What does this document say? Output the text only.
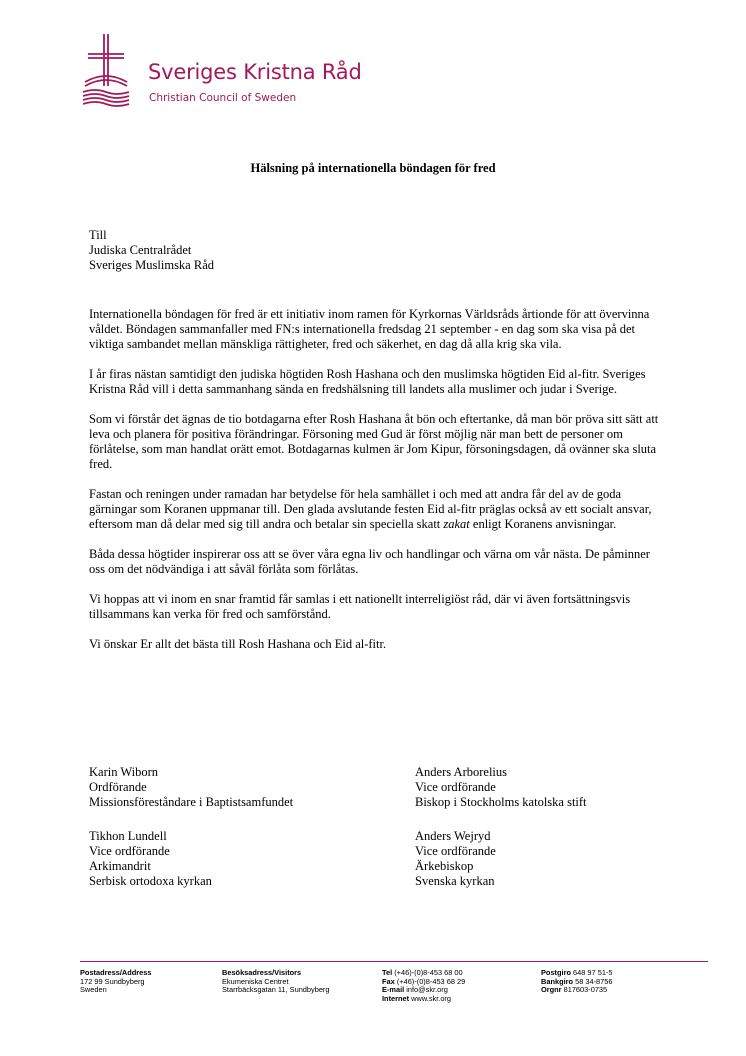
Sveriges Kristna Råd
Christian Council of Sweden
Hälsning på internationella böndagen för fred
Till
Judiska Centralrådet
Sveriges Muslimska Råd

Internationella böndagen för fred är ett initiativ inom ramen för Kyrkornas Världsråds årtionde för att övervinna våldet. Böndagen sammanfaller med FN:s internationella fredsdag 21 september - en dag som ska visa på det viktiga sambandet mellan mänskliga rättigheter, fred och säkerhet, en dag då alla krig ska vila.

I år firas nästan samtidigt den judiska högtiden Rosh Hashana och den muslimska högtiden Eid al-fitr. Sveriges Kristna Råd vill i detta sammanhang sända en fredshälsning till landets alla muslimer och judar i Sverige.

Som vi förstår det ägnas de tio botdagarna efter Rosh Hashana åt bön och eftertanke, då man bör pröva sitt sätt att leva och planera för positiva förändringar. Försoning med Gud är först möjlig när man bett de personer om förlåtelse, som man handlat orätt emot. Botdagarnas kulmen är Jom Kipur, försoningsdagen, då ovänner ska sluta fred.

Fastan och reningen under ramadan har betydelse för hela samhället i och med att andra får del av de goda gärningar som Koranen uppmanar till. Den glada avslutande festen Eid al-fitr präglas också av ett socialt ansvar, eftersom man då delar med sig till andra och betalar sin speciella skatt zakat enligt Koranens anvisningar.

Båda dessa högtider inspirerar oss att se över våra egna liv och handlingar och värna om vår nästa. De påminner oss om det nödvändiga i att såväl förlåta som förlåtas.

Vi hoppas att vi inom en snar framtid får samlas i ett nationellt interreligiöst råd, där vi även fortsättningsvis tillsammans kan verka för fred och samförstånd.

Vi önskar Er allt det bästa till Rosh Hashana och Eid al-fitr.

Karin Wiborn
Ordförande
Missionsföreståndare i Baptistsamfundet
Anders Arborelius
Vice ordförande
Biskop i Stockholms katolska stift
Tikhon Lundell
Vice ordförande
Arkimandrit
Serbisk ortodoxa kyrkan
Anders Wejryd
Vice ordförande
Ärkebiskop
Svenska kyrkan
Postadress/Address
172 99 Sundbyberg
Sweden
Besöksadress/Visitors
Ekumeniska Centret
Starrbäcksgatan 11, Sundbyberg
Tel (+46)-(0)8-453 68 00
Fax (+46)-(0)8-453 68 29
E-mail info@skr.org
Internet www.skr.org
Postgiro 648 97 51-5
Bankgiro 58 34-8756
Orgnr 817603-0735
